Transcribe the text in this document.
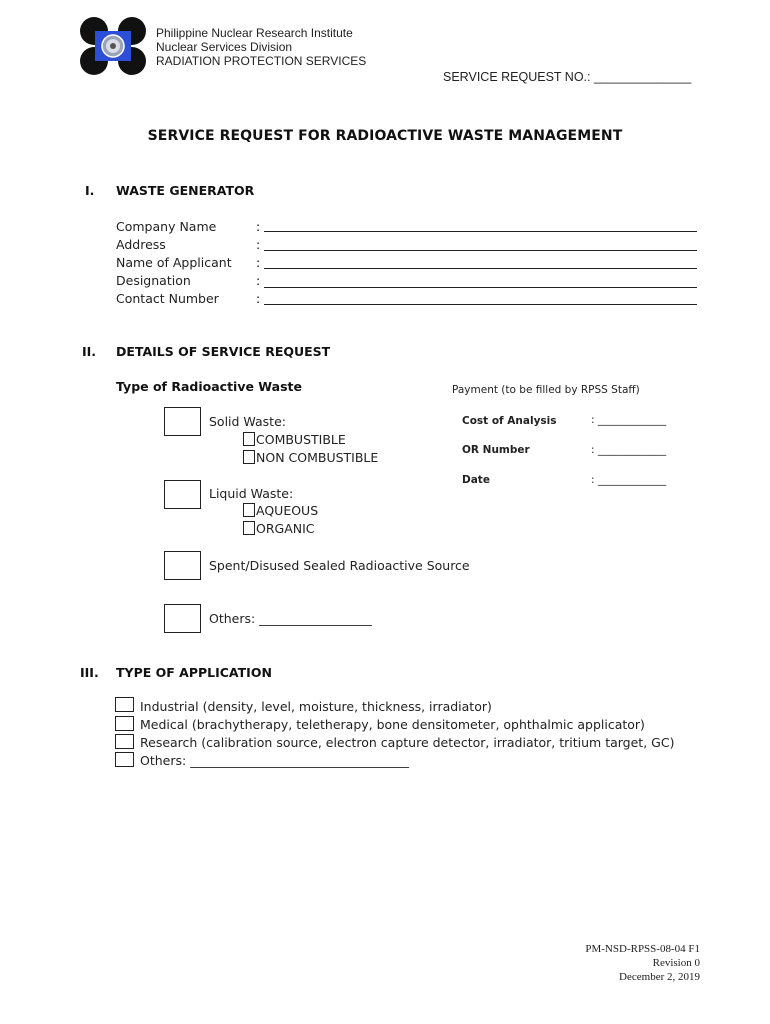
Philippine Nuclear Research Institute
Nuclear Services Division
RADIATION PROTECTION SERVICES
SERVICE REQUEST NO.: ______________
SERVICE REQUEST FOR RADIOACTIVE WASTE MANAGEMENT
I. WASTE GENERATOR
Company Name	:
Address	:
Name of Applicant :
Designation	:
Contact Number	:
II. DETAILS OF SERVICE REQUEST
Type of Radioactive Waste
Solid Waste:
COMBUSTIBLE
NON COMBUSTIBLE
Liquid Waste:
AQUEOUS
ORGANIC
Spent/Disused Sealed Radioactive Source
Others: __________________
Payment (to be filled by RPSS Staff)
Cost of Analysis	: _____________
OR Number	: _____________
Date	: _____________
III. TYPE OF APPLICATION
Industrial (density, level, moisture, thickness, irradiator)
Medical (brachytherapy, teletherapy, bone densitometer, ophthalmic applicator)
Research (calibration source, electron capture detector, irradiator, tritium target, GC)
Others: ___________________________________
PM-NSD-RPSS-08-04 F1
Revision 0
December 2, 2019
